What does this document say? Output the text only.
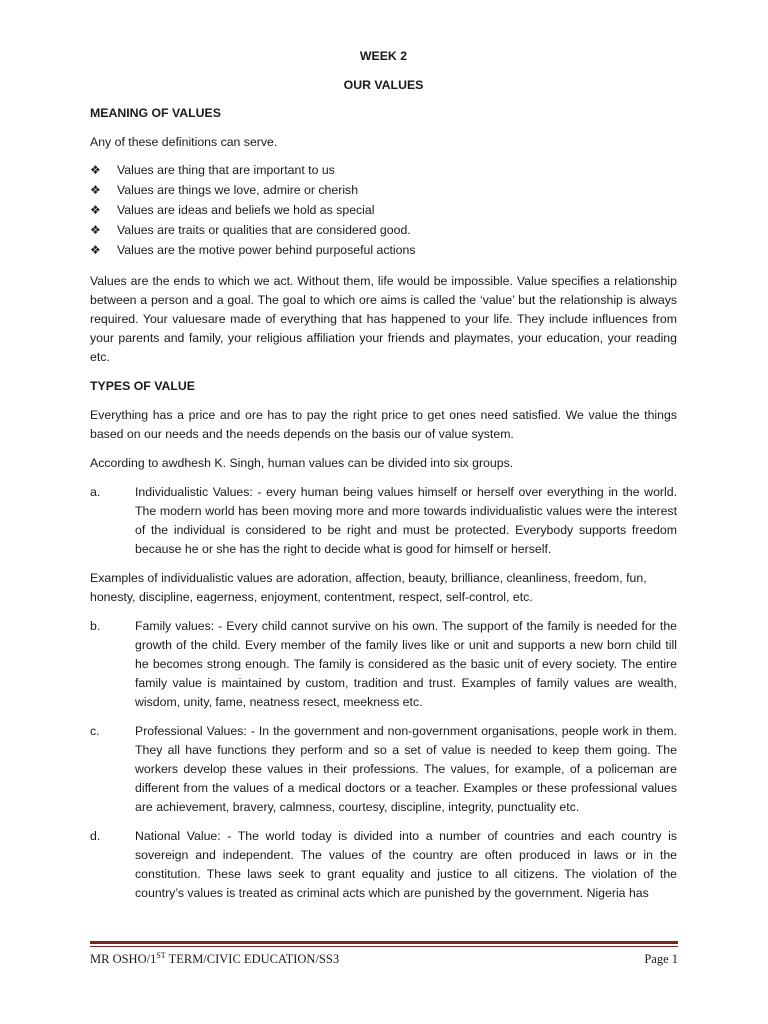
WEEK 2

OUR VALUES

MEANING OF VALUES

Any of these definitions can serve.

❖ Values are thing that are important to us
❖ Values are things we love, admire or cherish
❖ Values are ideas and beliefs we hold as special
❖ Values are traits or qualities that are considered good.
❖ Values are the motive power behind purposeful actions

Values are the ends to which we act. Without them, life would be impossible. Value specifies a relationship between a person and a goal. The goal to which ore aims is called the ‘value’ but the relationship is always required. Your valuesare made of everything that has happened to your life. They include influences from your parents and family, your religious affiliation your friends and playmates, your education, your reading etc.

TYPES OF VALUE

Everything has a price and ore has to pay the right price to get ones need satisfied. We value the things based on our needs and the needs depends on the basis our of value system.

According to awdhesh K. Singh, human values can be divided into six groups.

a.	Individualistic Values: - every human being values himself or herself over everything in the world. The modern world has been moving more and more towards individualistic values were the interest of the individual is considered to be right and must be protected. Everybody supports freedom because he or she has the right to decide what is good for himself or herself.

Examples of individualistic values are adoration, affection, beauty, brilliance, cleanliness, freedom, fun, honesty, discipline, eagerness, enjoyment, contentment, respect, self-control, etc.

b.	Family values: - Every child cannot survive on his own. The support of the family is needed for the growth of the child. Every member of the family lives like or unit and supports a new born child till he becomes strong enough. The family is considered as the basic unit of every society. The entire family value is maintained by custom, tradition and trust. Examples of family values are wealth, wisdom, unity, fame, neatness resect, meekness etc.
c.	Professional Values: - In the government and non-government organisations, people work in them. They all have functions they perform and so a set of value is needed to keep them going. The workers develop these values in their professions. The values, for example, of a policeman are different from the values of a medical doctors or a teacher. Examples or these professional values are achievement, bravery, calmness, courtesy, discipline, integrity, punctuality etc.
d.	National Value: - The world today is divided into a number of countries and each country is sovereign and independent. The values of the country are often produced in laws or in the constitution. These laws seek to grant equality and justice to all citizens. The violation of the country’s values is treated as criminal acts which are punished by the government. Nigeria has
MR OSHO/1ST TERM/CIVIC EDUCATION/SS3	Page 1
